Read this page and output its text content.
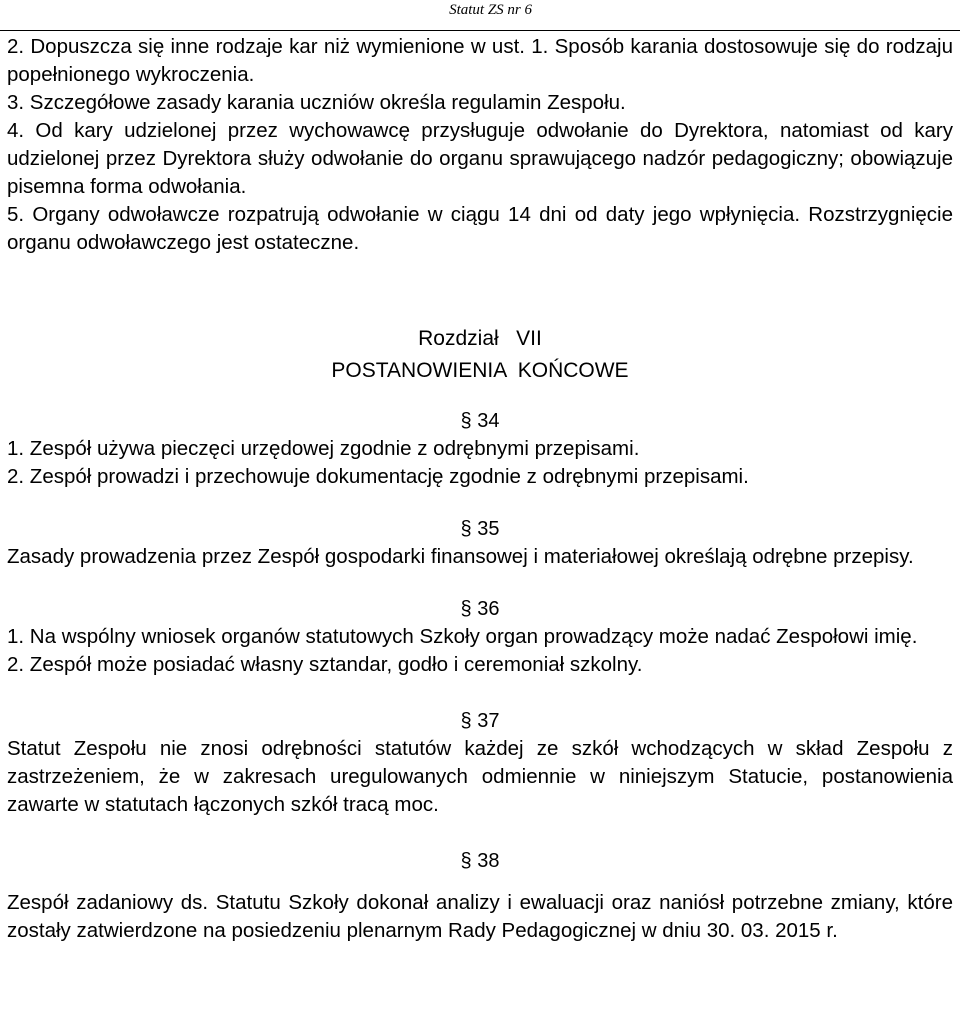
Statut ZS nr 6

2. Dopuszcza się inne rodzaje kar niż wymienione w ust. 1. Sposób karania dostosowuje się do rodzaju popełnionego wykroczenia.

3. Szczegółowe zasady karania uczniów określa regulamin Zespołu.

4. Od kary udzielonej przez wychowawcę przysługuje odwołanie do Dyrektora, natomiast od kary udzielonej przez Dyrektora służy odwołanie do organu sprawującego nadzór pedagogiczny; obowiązuje pisemna forma odwołania.

5. Organy odwoławcze rozpatrują odwołanie w ciągu 14 dni od daty jego wpłynięcia. Rozstrzygnięcie organu odwoławczego jest ostateczne.

Rozdział   VII
POSTANOWIENIA  KOŃCOWE

§ 34

1. Zespół używa pieczęci urzędowej zgodnie z odrębnymi przepisami.

2. Zespół prowadzi i przechowuje dokumentację zgodnie z odrębnymi przepisami.

§ 35

Zasady prowadzenia przez Zespół gospodarki finansowej i materiałowej określają odrębne przepisy.

§ 36

1. Na wspólny wniosek organów statutowych Szkoły organ prowadzący może nadać Zespołowi imię.

2. Zespół może posiadać własny sztandar, godło i ceremoniał szkolny.

§ 37

Statut Zespołu nie znosi odrębności statutów każdej ze szkół wchodzących w skład Zespołu z zastrzeżeniem, że w zakresach uregulowanych odmiennie w niniejszym Statucie, postanowienia zawarte w statutach łączonych szkół tracą moc.

§ 38

Zespół zadaniowy ds. Statutu Szkoły dokonał analizy i ewaluacji oraz naniósł potrzebne zmiany, które zostały zatwierdzone na posiedzeniu plenarnym Rady Pedagogicznej w dniu 30. 03. 2015 r.
